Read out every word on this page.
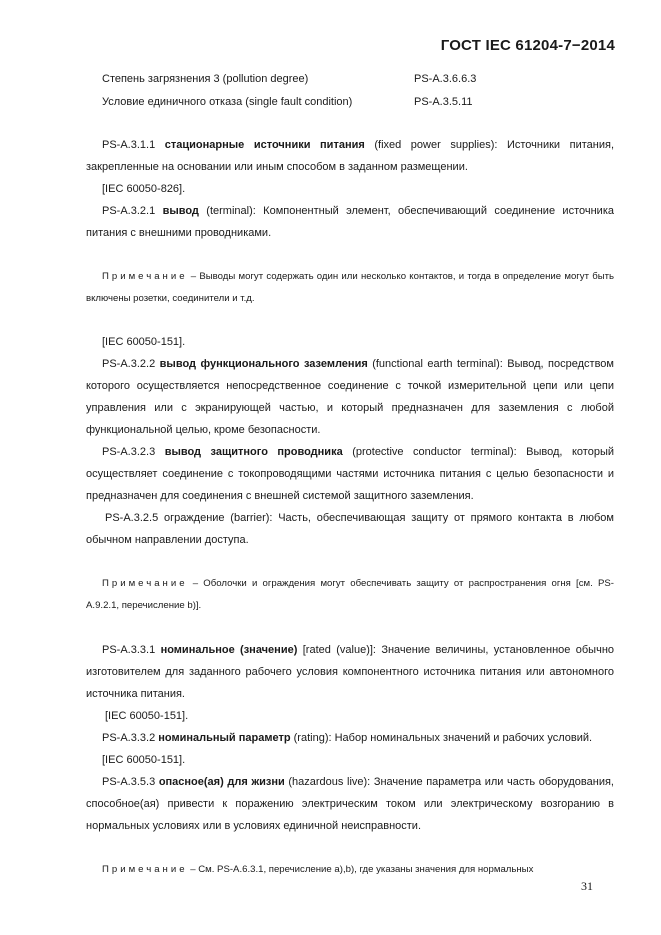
ГОСТ IEC 61204-7−2014
Степень загрязнения 3 (pollution degree)	PS-A.3.6.6.3
Условие единичного отказа (single fault condition)	PS-A.3.5.11

PS-A.3.1.1 стационарные источники питания (fixed power supplies): Источники питания, закрепленные на основании или иным способом в заданном размещении.

[IEC 60050-826].

PS-A.3.2.1 вывод (terminal): Компонентный элемент, обеспечивающий соединение источника питания с внешними проводниками.

Примечание – Выводы могут содержать один или несколько контактов, и тогда в определение могут быть включены розетки, соединители и т.д.

[IEC 60050-151].

PS-A.3.2.2 вывод функционального заземления (functional earth terminal): Вывод, посредством которого осуществляется непосредственное соединение с точкой измерительной цепи или цепи управления или с экранирующей частью, и который предназначен для заземления с любой функциональной целью, кроме безопасности.

PS-A.3.2.3 вывод защитного проводника (protective conductor terminal): Вывод, который осуществляет соединение с токопроводящими частями источника питания с целью безопасности и предназначен для соединения с внешней системой защитного заземления.

PS-A.3.2.5 ограждение (barrier): Часть, обеспечивающая защиту от прямого контакта в любом обычном направлении доступа.

Примечание – Оболочки и ограждения могут обеспечивать защиту от распространения огня [см. PS-A.9.2.1, перечисление b)].

PS-A.3.3.1 номинальное (значение) [rated (value)]: Значение величины, установленное обычно изготовителем для заданного рабочего условия компонентного источника питания или автономного источника питания.

[IEC 60050-151].

PS-A.3.3.2 номинальный параметр (rating): Набор номинальных значений и рабочих условий.

[IEC 60050-151].

PS-A.3.5.3 опасное(ая) для жизни (hazardous live): Значение параметра или часть оборудования, способное(ая) привести к поражению электрическим током или электрическому возгоранию в нормальных условиях или в условиях единичной неисправности.

Примечание – См. PS-A.6.3.1, перечисление a),b), где указаны значения для нормальных

31
